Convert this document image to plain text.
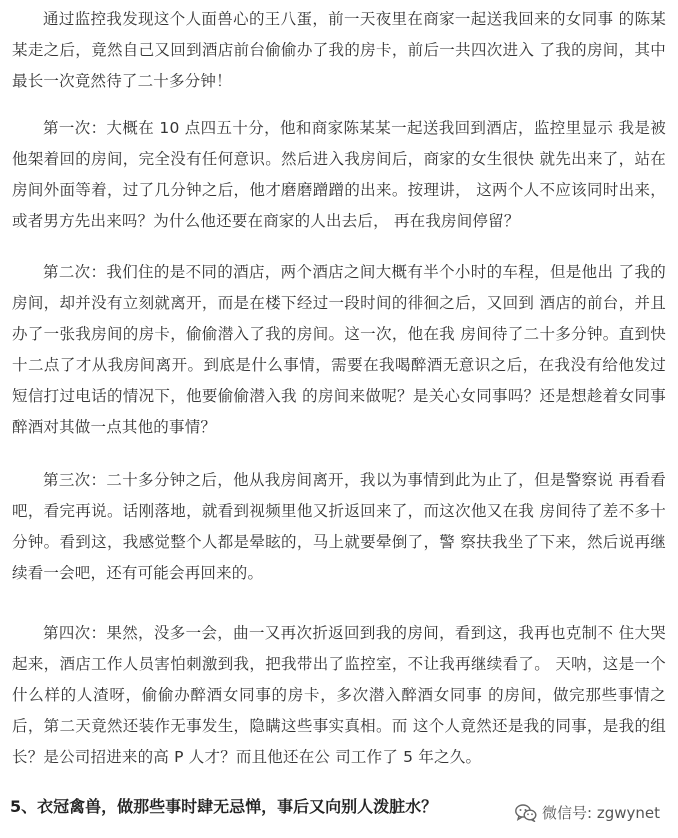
通过监控我发现这个人面兽心的王八蛋，前一天夜里在商家一起送我回来的女同事 的陈某某走之后，竟然自己又回到酒店前台偷偷办了我的房卡，前后一共四次进入 了我的房间，其中最长一次竟然待了二十多分钟！

第一次：大概在 10 点四五十分，他和商家陈某某一起送我回到酒店，监控里显示 我是被他架着回的房间，完全没有任何意识。然后进入我房间后，商家的女生很快 就先出来了，站在房间外面等着，过了几分钟之后，他才磨磨蹭蹭的出来。按理讲， 这两个人不应该同时出来，或者男方先出来吗？为什么他还要在商家的人出去后， 再在我房间停留？

第二次：我们住的是不同的酒店，两个酒店之间大概有半个小时的车程，但是他出 了我的房间，却并没有立刻就离开，而是在楼下经过一段时间的徘徊之后，又回到 酒店的前台，并且办了一张我房间的房卡，偷偷潜入了我的房间。这一次，他在我 房间待了二十多分钟。直到快十二点了才从我房间离开。到底是什么事情，需要在我喝醉酒无意识之后，在我没有给他发过短信打过电话的情况下，他要偷偷潜入我 的房间来做呢？是关心女同事吗？还是想趁着女同事醉酒对其做一点其他的事情？

第三次：二十多分钟之后，他从我房间离开，我以为事情到此为止了，但是警察说 再看看吧，看完再说。话刚落地，就看到视频里他又折返回来了，而这次他又在我 房间待了差不多十分钟。看到这，我感觉整个人都是晕眩的，马上就要晕倒了，警 察扶我坐了下来，然后说再继续看一会吧，还有可能会再回来的。

第四次：果然，没多一会，曲一又再次折返回到我的房间，看到这，我再也克制不 住大哭起来，酒店工作人员害怕刺激到我，把我带出了监控室，不让我再继续看了。 天呐，这是一个什么样的人渣呀，偷偷办醉酒女同事的房卡，多次潜入醉酒女同事 的房间，做完那些事情之后，第二天竟然还装作无事发生，隐瞒这些事实真相。而 这个人竟然还是我的同事，是我的组长？是公司招进来的高 P 人才？而且他还在公 司工作了 5 年之久。

5、衣冠禽兽，做那些事时肆无忌惮，事后又向别人泼脏水？	微信号: zgwynet
